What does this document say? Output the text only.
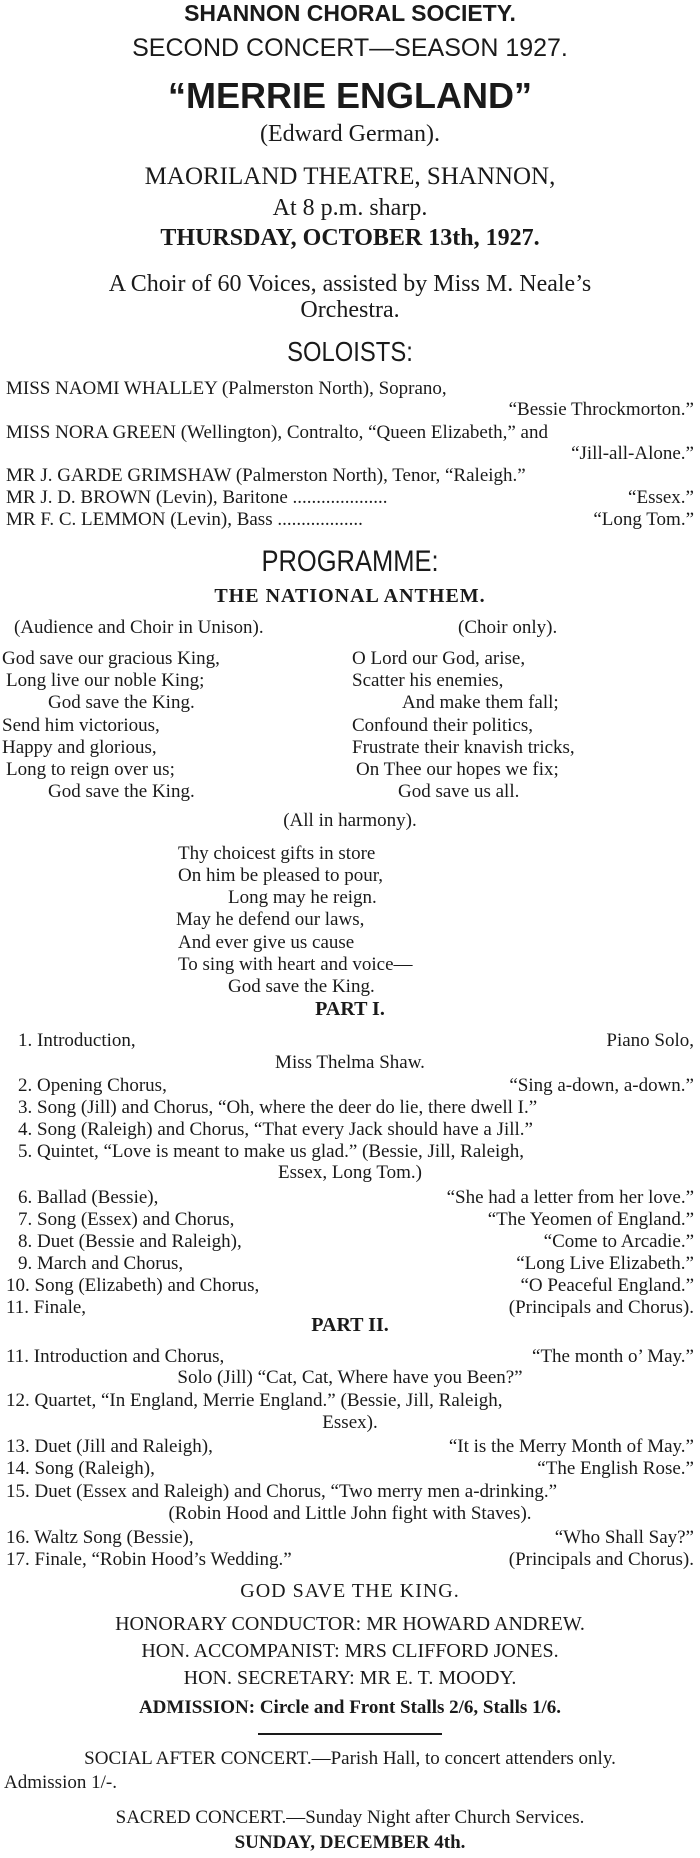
SHANNON CHORAL SOCIETY.
SECOND CONCERT—SEASON 1927.
“MERRIE ENGLAND”
(Edward German).
MAORILAND THEATRE, SHANNON,
At 8 p.m. sharp.
THURSDAY, OCTOBER 13th, 1927.
A Choir of 60 Voices, assisted by Miss M. Neale’s
Orchestra.
SOLOISTS:
MISS NAOMI WHALLEY (Palmerston North), Soprano,
“Bessie Throckmorton.”
MISS NORA GREEN (Wellington), Contralto, “Queen Elizabeth,” and
“Jill-all-Alone.”
MR J. GARDE GRIMSHAW (Palmerston North), Tenor, “Raleigh.”
MR J. D. BROWN (Levin), Baritone ....................	“Essex.”
MR F. C. LEMMON (Levin), Bass ..................	“Long Tom.”
PROGRAMME:
THE NATIONAL ANTHEM.
(Audience and Choir in Unison).	(Choir only).
God save our gracious King,
Long live our noble King;
God save the King.
Send him victorious,
Happy and glorious,
Long to reign over us;
God save the King.
O Lord our God, arise,
Scatter his enemies,
And make them fall;
Confound their politics,
Frustrate their knavish tricks,
On Thee our hopes we fix;
God save us all.
(All in harmony).
Thy choicest gifts in store
On him be pleased to pour,
Long may he reign.
May he defend our laws,
And ever give us cause
To sing with heart and voice—
God save the King.
PART I.
1. Introduction,	Piano Solo,
Miss Thelma Shaw.
2. Opening Chorus,	“Sing a-down, a-down.”
3. Song (Jill) and Chorus, “Oh, where the deer do lie, there dwell I.”
4. Song (Raleigh) and Chorus, “That every Jack should have a Jill.”
5. Quintet, “Love is meant to make us glad.” (Bessie, Jill, Raleigh,
Essex, Long Tom.)
6. Ballad (Bessie),	“She had a letter from her love.”
7. Song (Essex) and Chorus,	“The Yeomen of England.”
8. Duet (Bessie and Raleigh),	“Come to Arcadie.”
9. March and Chorus,	“Long Live Elizabeth.”
10. Song (Elizabeth) and Chorus,	“O Peaceful England.”
11. Finale,	(Principals and Chorus).
PART II.
11. Introduction and Chorus,	“The month o’ May.”
Solo (Jill) “Cat, Cat, Where have you Been?”
12. Quartet, “In England, Merrie England.” (Bessie, Jill, Raleigh,
Essex).
13. Duet (Jill and Raleigh),	“It is the Merry Month of May.”
14. Song (Raleigh),	“The English Rose.”
15. Duet (Essex and Raleigh) and Chorus, “Two merry men a-drinking.”
(Robin Hood and Little John fight with Staves).
16. Waltz Song (Bessie),	“Who Shall Say?”
17. Finale, “Robin Hood’s Wedding.”	(Principals and Chorus).
GOD SAVE THE KING.
HONORARY CONDUCTOR: MR HOWARD ANDREW.
HON. ACCOMPANIST: MRS CLIFFORD JONES.
HON. SECRETARY: MR E. T. MOODY.
ADMISSION: Circle and Front Stalls 2/6, Stalls 1/6.
SOCIAL AFTER CONCERT.—Parish Hall, to concert attenders only.
Admission 1/-.
SACRED CONCERT.—Sunday Night after Church Services.
SUNDAY, DECEMBER 4th.
